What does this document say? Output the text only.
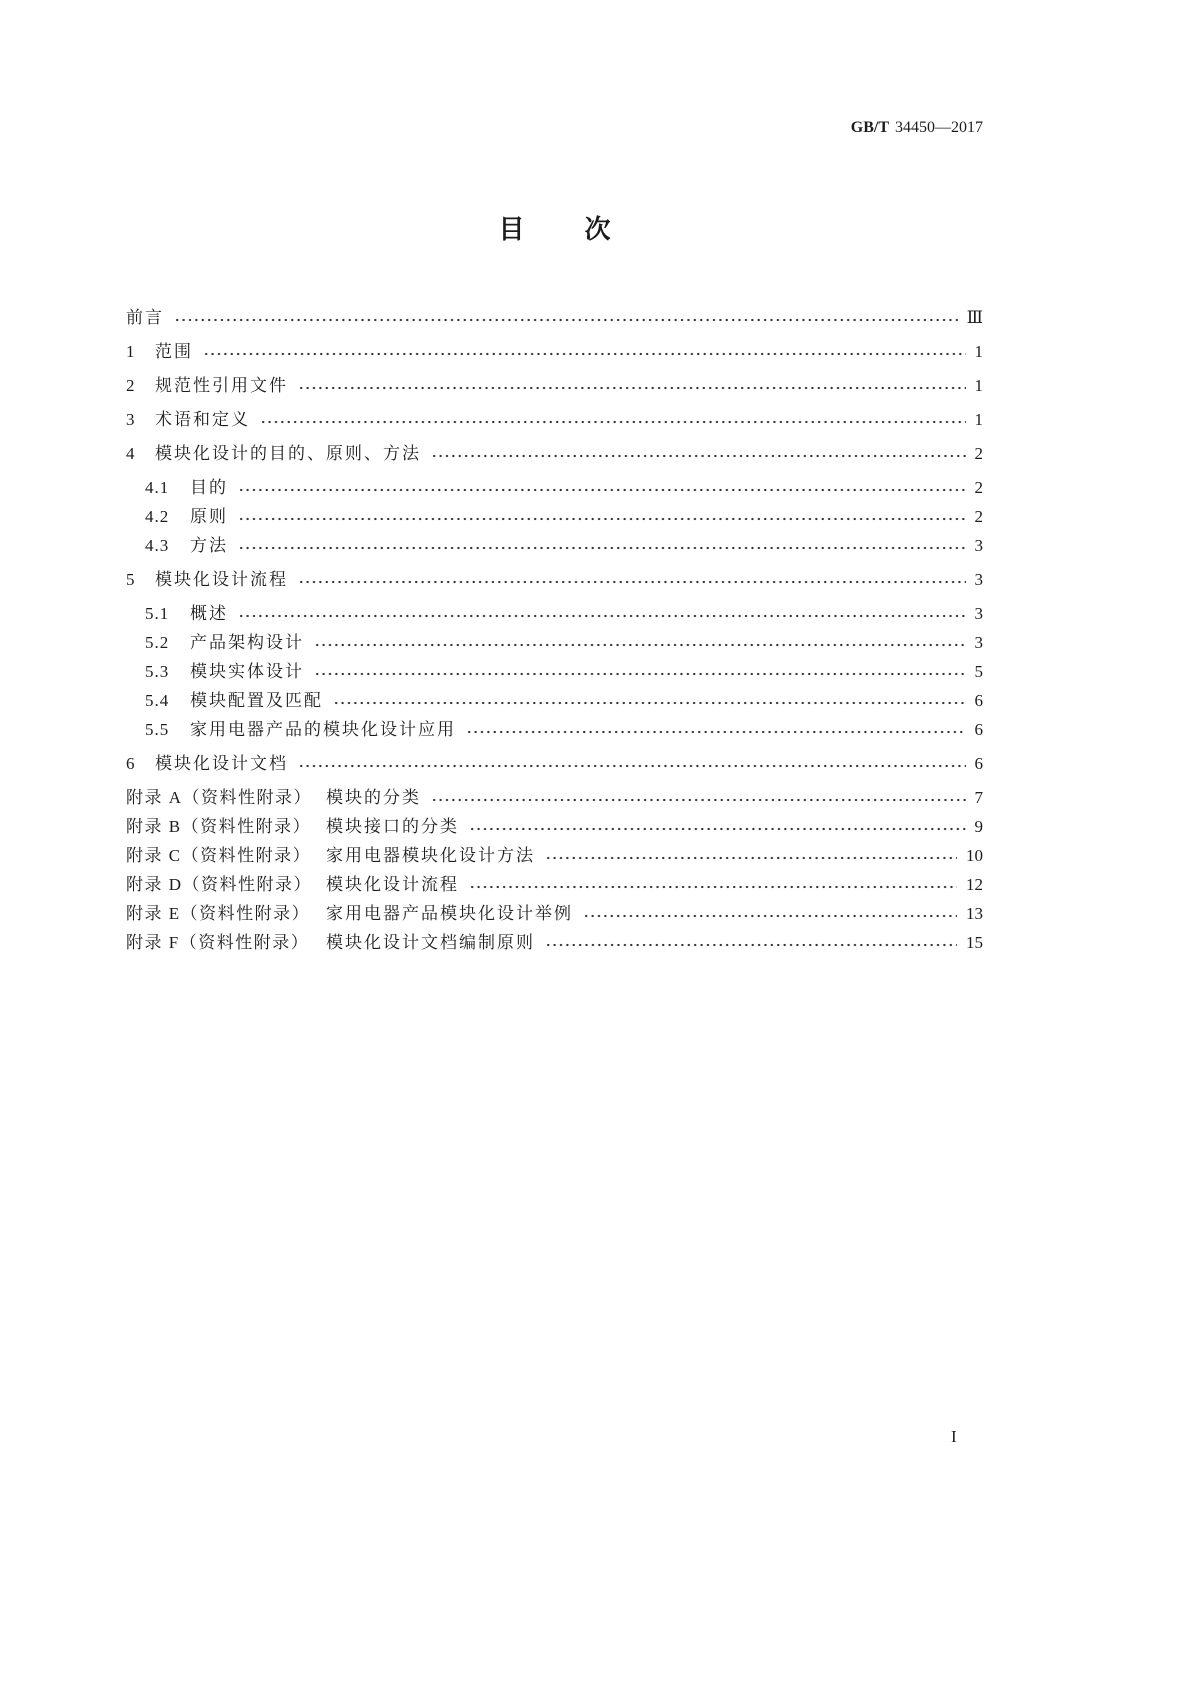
GB/T 34450—2017
目次
前言	Ⅲ
1	范围	1
2	规范性引用文件	1
3	术语和定义	1
4	模块化设计的目的、原则、方法	2
4.1	目的	2
4.2	原则	2
4.3	方法	3
5	模块化设计流程	3
5.1	概述	3
5.2	产品架构设计	3
5.3	模块实体设计	5
5.4	模块配置及匹配	6
5.5	家用电器产品的模块化设计应用	6
6	模块化设计文档	6
附录 A（资料性附录） 模块的分类	7
附录 B（资料性附录） 模块接口的分类	9
附录 C（资料性附录） 家用电器模块化设计方法	10
附录 D（资料性附录） 模块化设计流程	12
附录 E（资料性附录） 家用电器产品模块化设计举例	13
附录 F（资料性附录） 模块化设计文档编制原则	15
I
